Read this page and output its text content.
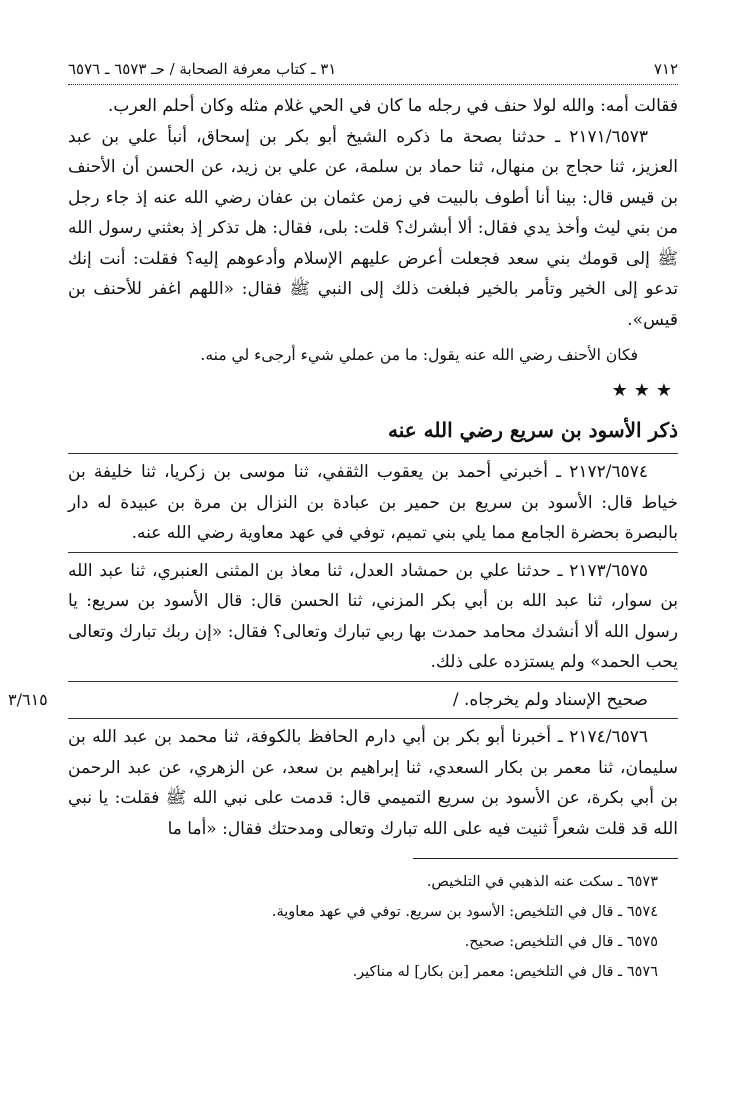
٧١٢
٣١ ـ كتاب معرفة الصحابة / حـ ٦٥٧٣ ـ ٦٥٧٦

فقالت أمه: والله لولا حنف في رجله ما كان في الحي غلام مثله وكان أحلم العرب.

٢١٧١/٦٥٧٣ ـ حدثنا بصحة ما ذكره الشيخ أبو بكر بن إسحاق، أنبأ علي بن عبد العزيز، ثنا حجاج بن منهال، ثنا حماد بن سلمة، عن علي بن زيد، عن الحسن أن الأحنف بن قيس قال: بينا أنا أطوف بالبيت في زمن عثمان بن عفان رضي الله عنه إذ جاء رجل من بني ليث وأخذ يدي فقال: ألا أبشرك؟ قلت: بلى، فقال: هل تذكر إذ بعثني رسول الله ﷺ إلى قومك بني سعد فجعلت أعرض عليهم الإسلام وأدعوهم إليه؟ فقلت: أنت إنك تدعو إلى الخير وتأمر بالخير فبلغت ذلك إلى النبي ﷺ فقال: «اللهم اغفر للأحنف بن قيس».

فكان الأحنف رضي الله عنه يقول: ما من عملي شيء أرجىء لي منه.

★★★
ذكر الأسود بن سريع رضي الله عنه

٢١٧٢/٦٥٧٤ ـ أخبرني أحمد بن يعقوب الثقفي، ثنا موسى بن زكريا، ثنا خليفة بن خياط قال: الأسود بن سريع بن حمير بن عبادة بن النزال بن مرة بن عبيدة له دار بالبصرة بحضرة الجامع مما يلي بني تميم، توفي في عهد معاوية رضي الله عنه.

٢١٧٣/٦٥٧٥ ـ حدثنا علي بن حمشاد العدل، ثنا معاذ بن المثنى العنبري، ثنا عبد الله بن سوار، ثنا عبد الله بن أبي بكر المزني، ثنا الحسن قال: قال الأسود بن سريع: يا رسول الله ألا أنشدك محامد حمدت بها ربي تبارك وتعالى؟ فقال: «إن ربك تبارك وتعالى يحب الحمد» ولم يستزده على ذلك.

صحيح الإسناد ولم يخرجاه. /
٣/٦١٥

٢١٧٤/٦٥٧٦ ـ أخبرنا أبو بكر بن أبي دارم الحافظ بالكوفة، ثنا محمد بن عبد الله بن سليمان، ثنا معمر بن بكار السعدي، ثنا إبراهيم بن سعد، عن الزهري، عن عبد الرحمن بن أبي بكرة، عن الأسود بن سريع التميمي قال: قدمت على نبي الله ﷺ فقلت: يا نبي الله قد قلت شعراً ثنيت فيه على الله تبارك وتعالى ومدحتك فقال: «أما ما

٦٥٧٣ ـ سكت عنه الذهبي في التلخيص.

٦٥٧٤ ـ قال في التلخيص: الأسود بن سريع. توفي في عهد معاوية.

٦٥٧٥ ـ قال في التلخيص: صحيح.

٦٥٧٦ ـ قال في التلخيص: معمر [بن بكار] له مناكير.
